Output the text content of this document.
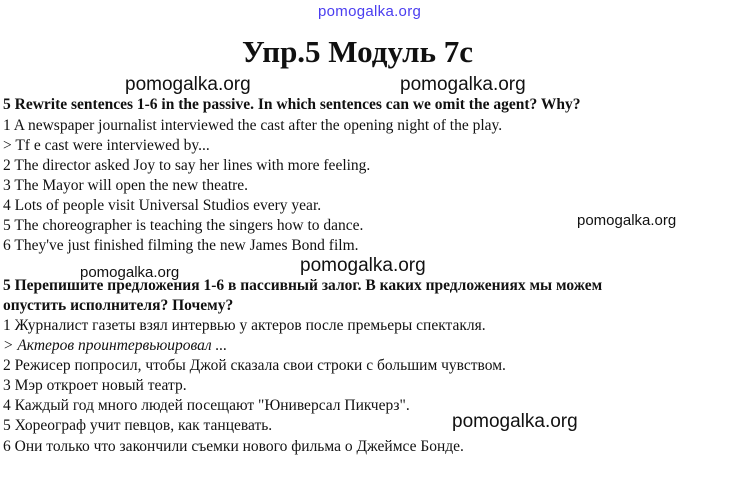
pomogalka.org
Упр.5 Модуль 7с
pomogalka.org	pomogalka.org
5 Rewrite sentences 1-6 in the passive. In which sentences can we omit the agent? Why?
1 A newspaper journalist interviewed the cast after the opening night of the play.
> Tf e cast were interviewed by...
2 The director asked Joy to say her lines with more feeling.
3 The Mayor will open the new theatre.
4 Lots of people visit Universal Studios every year.
5 The choreographer is teaching the singers how to dance.
6 They've just finished filming the new James Bond film.
pomogalka.org
pomogalka.org
pomogalka.org
5 Перепишите предложения 1-6 в пассивный залог. В каких предложениях мы можем
опустить исполнителя? Почему?
1 Журналист газеты взял интервью у актеров после премьеры спектакля.
> Актеров проинтервьюировал ...
2 Режисер попросил, чтобы Джой сказала свои строки с большим чувством.
3 Мэр откроет новый театр.
4 Каждый год много людей посещают "Юниверсал Пикчерз".
5 Хореограф учит певцов, как танцевать.
6 Они только что закончили съемки нового фильма о Джеймсе Бонде.
pomogalka.org
